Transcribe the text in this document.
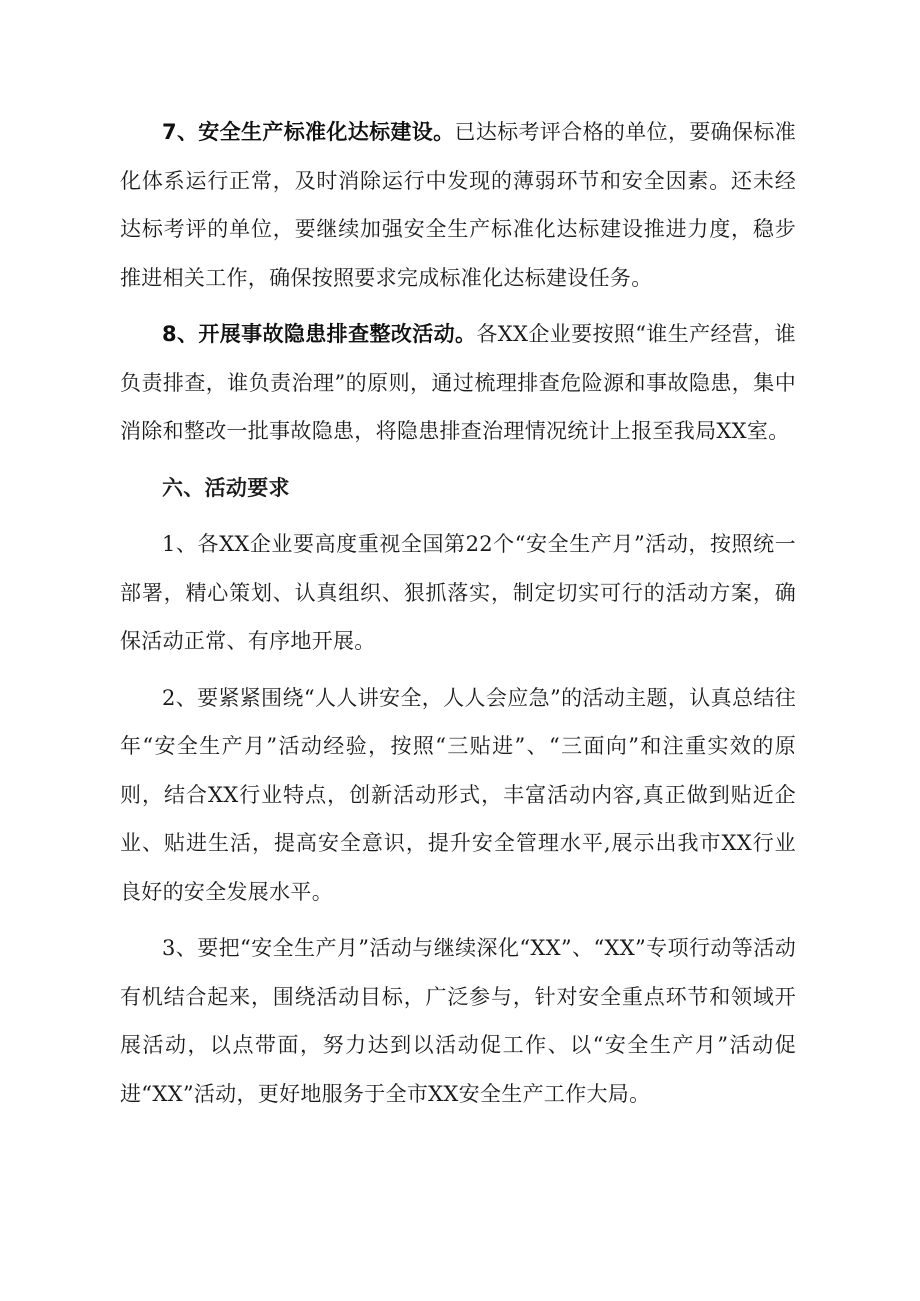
7、安全生产标准化达标建设。已达标考评合格的单位，要确保标准化体系运行正常，及时消除运行中发现的薄弱环节和安全因素。还未经达标考评的单位，要继续加强安全生产标准化达标建设推进力度，稳步推进相关工作，确保按照要求完成标准化达标建设任务。

8、开展事故隐患排查整改活动。各XX企业要按照“谁生产经营，谁负责排查，谁负责治理”的原则，通过梳理排查危险源和事故隐患，集中消除和整改一批事故隐患，将隐患排查治理情况统计上报至我局XX室。

六、活动要求

1、各XX企业要高度重视全国第22个“安全生产月”活动，按照统一部署，精心策划、认真组织、狠抓落实，制定切实可行的活动方案，确保活动正常、有序地开展。

2、要紧紧围绕“人人讲安全，人人会应急”的活动主题，认真总结往年“安全生产月”活动经验，按照“三贴进”、“三面向”和注重实效的原则，结合XX行业特点，创新活动形式，丰富活动内容,真正做到贴近企业、贴进生活，提高安全意识，提升安全管理水平,展示出我市XX行业良好的安全发展水平。

3、要把“安全生产月”活动与继续深化“XX”、“XX”专项行动等活动有机结合起来，围绕活动目标，广泛参与，针对安全重点环节和领域开展活动，以点带面，努力达到以活动促工作、以“安全生产月”活动促进“XX”活动，更好地服务于全市XX安全生产工作大局。
